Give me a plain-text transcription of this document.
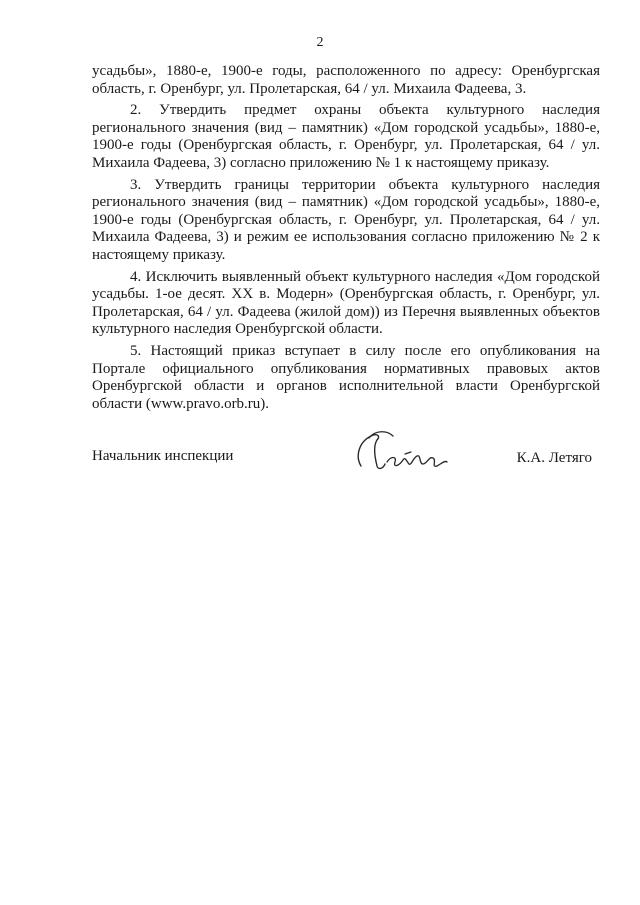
2

усадьбы», 1880-е, 1900-е годы, расположенного по адресу: Оренбургская область, г. Оренбург, ул. Пролетарская, 64 / ул. Михаила Фадеева, 3.

2. Утвердить предмет охраны объекта культурного наследия регионального значения (вид – памятник) «Дом городской усадьбы», 1880-е, 1900-е годы (Оренбургская область, г. Оренбург, ул. Пролетарская, 64 / ул. Михаила Фадеева, 3) согласно приложению № 1 к настоящему приказу.

3. Утвердить границы территории объекта культурного наследия регионального значения (вид – памятник) «Дом городской усадьбы», 1880-е, 1900-е годы (Оренбургская область, г. Оренбург, ул. Пролетарская, 64 / ул. Михаила Фадеева, 3) и режим ее использования согласно приложению № 2 к настоящему приказу.

4. Исключить выявленный объект культурного наследия «Дом городской усадьбы. 1-ое десят. XX в. Модерн» (Оренбургская область, г. Оренбург, ул. Пролетарская, 64 / ул. Фадеева (жилой дом)) из Перечня выявленных объектов культурного наследия Оренбургской области.

5. Настоящий приказ вступает в силу после его опубликования на Портале официального опубликования нормативных правовых актов Оренбургской области и органов исполнительной власти Оренбургской области (www.pravo.orb.ru).

Начальник инспекции	К.А. Летяго
